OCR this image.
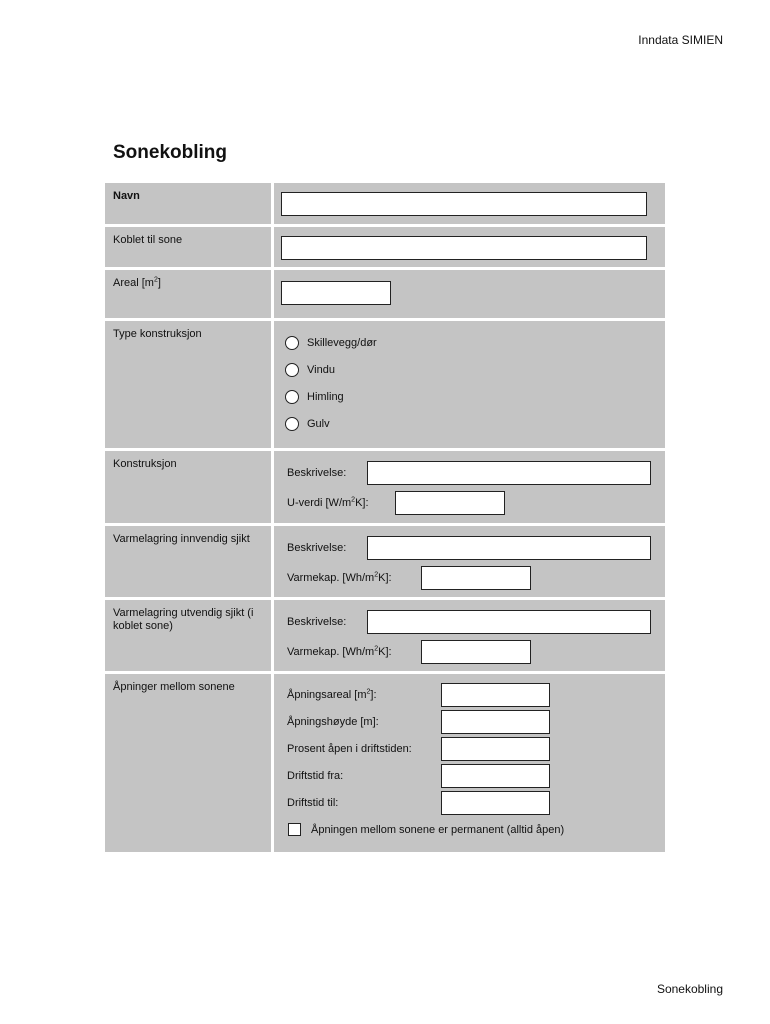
Inndata SIMIEN
Sonekobling
Navn
Koblet til sone
Areal $[m^2]$
Type konstruksjon
Skillevegg/dør
Vindu
Himling
Gulv
Konstruksjon
Beskrivelse:
U-verdi $[W/m^2K]$:
Varmelagring innvendig sjikt
Beskrivelse:
Varmekap. $[Wh/m^2K]$:
Varmelagring utvendig sjikt (i koblet sone)	Beskrivelse:
Varmekap. $[Wh/m^2K]$:
Åpninger mellom sonene
Åpningsareal $[m^2]$:
Åpningshøyde [m]:
Prosent åpen i driftstiden:
Driftstid fra:
Driftstid til:
Åpningen mellom sonene er permanent (alltid åpen)
Sonekobling
